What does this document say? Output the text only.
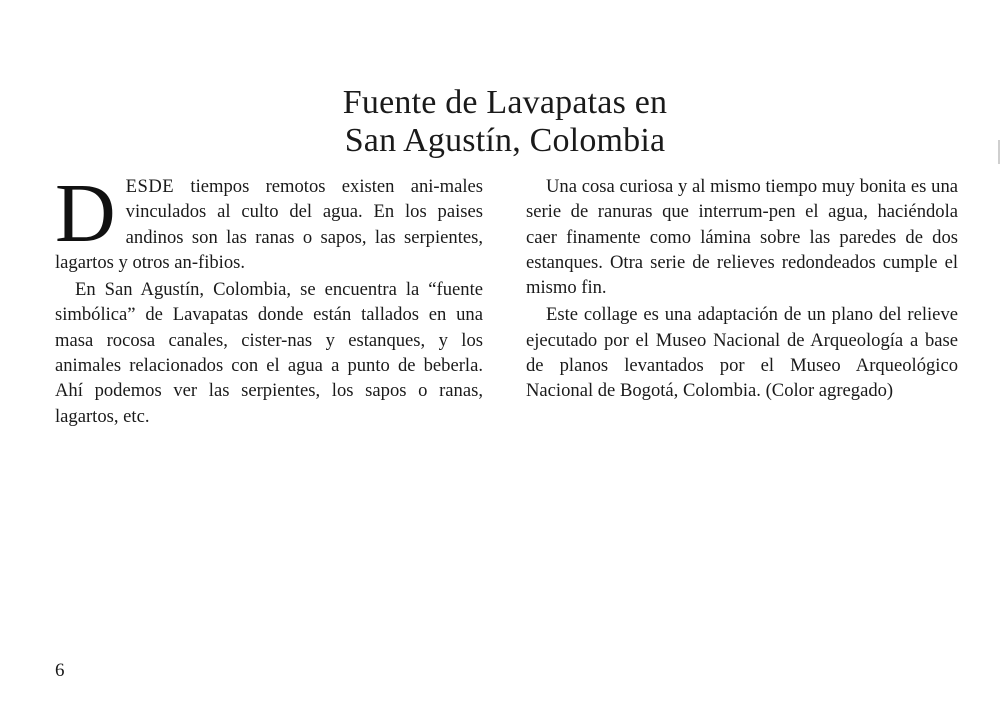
Fuente de Lavapatas en
San Agustín, Colombia

DESDE tiempos remotos existen ani-males vinculados al culto del agua. En los paises andinos son las ranas o sapos, las serpientes, lagartos y otros an-fibios.

En San Agustín, Colombia, se encuentra la “fuente simbólica” de Lavapatas donde están tallados en una masa rocosa canales, cister-nas y estanques, y los animales relacionados con el agua a punto de beberla. Ahí podemos ver las serpientes, los sapos o ranas, lagartos, etc.

Una cosa curiosa y al mismo tiempo muy bonita es una serie de ranuras que interrum-pen el agua, haciéndola caer finamente como lámina sobre las paredes de dos estanques. Otra serie de relieves redondeados cumple el mismo fin.

Este collage es una adaptación de un plano del relieve ejecutado por el Museo Nacional de Arqueología a base de planos levantados por el Museo Arqueológico Nacional de Bogotá, Colombia. (Color agregado)

6
